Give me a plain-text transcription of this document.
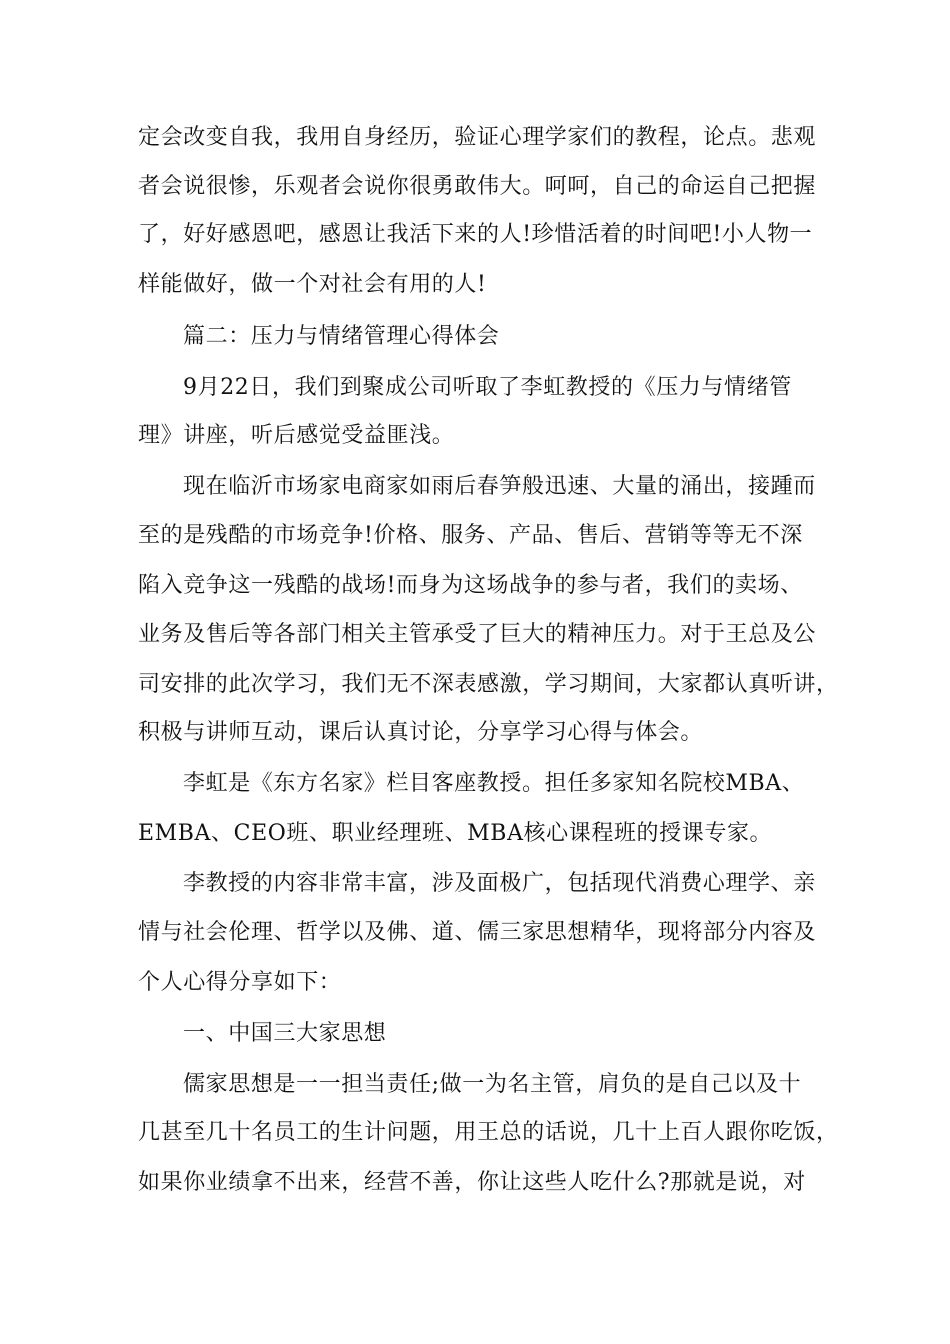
定会改变自我，我用自身经历，验证心理学家们的教程，论点。悲观

者会说很惨，乐观者会说你很勇敢伟大。呵呵，自己的命运自己把握

了，好好感恩吧，感恩让我活下来的人!珍惜活着的时间吧!小人物一

样能做好，做一个对社会有用的人!

篇二：压力与情绪管理心得体会

9月22日，我们到聚成公司听取了李虹教授的《压力与情绪管

理》讲座，听后感觉受益匪浅。

现在临沂市场家电商家如雨后春笋般迅速、大量的涌出，接踵而

至的是残酷的市场竞争!价格、服务、产品、售后、营销等等无不深

陷入竞争这一残酷的战场!而身为这场战争的参与者，我们的卖场、

业务及售后等各部门相关主管承受了巨大的精神压力。对于王总及公

司安排的此次学习，我们无不深表感激，学习期间，大家都认真听讲，

积极与讲师互动，课后认真讨论，分享学习心得与体会。

李虹是《东方名家》栏目客座教授。担任多家知名院校MBA、

EMBA、CEO班、职业经理班、MBA核心课程班的授课专家。

李教授的内容非常丰富，涉及面极广，包括现代消费心理学、亲

情与社会伦理、哲学以及佛、道、儒三家思想精华，现将部分内容及

个人心得分享如下：

一、中国三大家思想

儒家思想是一一担当责任;做一为名主管，肩负的是自己以及十

几甚至几十名员工的生计问题，用王总的话说，几十上百人跟你吃饭，

如果你业绩拿不出来，经营不善，你让这些人吃什么?那就是说，对
